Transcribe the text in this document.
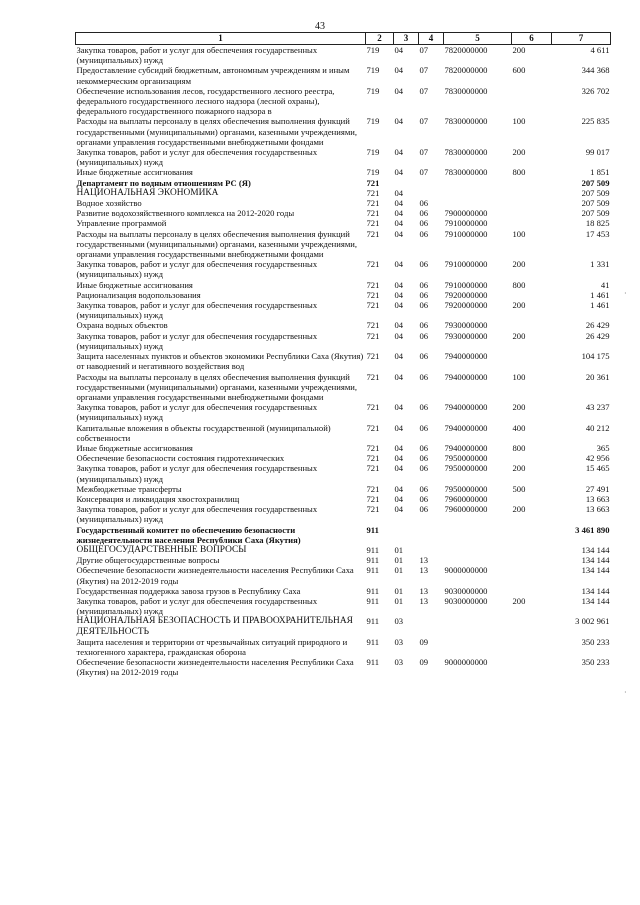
43
1	2	3	4	5	6	7
Закупка товаров, работ и услуг для обеспечения государственных (муниципальных) нужд	719	04	07	7820000000	200	4 611
Предоставление субсидий бюджетным, автономным учреждениям и иным некоммерческим организациям	719	04	07	7820000000	600	344 368
Обеспечение использования лесов, государственного лесного реестра, федерального государственного лесного надзора (лесной охраны), федерального государственного пожарного надзора в	719	04	07	7830000000		326 702
Расходы на выплаты персоналу в целях обеспечения выполнения функций государственными (муниципальными) органами, казенными учреждениями, органами управления государственными внебюджетными фондами	719	04	07	7830000000	100	225 835
Закупка товаров, работ и услуг для обеспечения государственных (муниципальных) нужд	719	04	07	7830000000	200	99 017
Иные бюджетные ассигнования	719	04	07	7830000000	800	1 851
Департамент по водным отношениям РС (Я)	721					207 509
НАЦИОНАЛЬНАЯ ЭКОНОМИКА	721	04				207 509
Водное хозяйство	721	04	06			207 509
Развитие водохозяйственного комплекса на 2012-2020 годы	721	04	06	7900000000		207 509
Управление программой	721	04	06	7910000000		18 825
Расходы на выплаты персоналу в целях обеспечения выполнения функций государственными (муниципальными) органами, казенными учреждениями, органами управления государственными внебюджетными фондами	721	04	06	7910000000	100	17 453
Закупка товаров, работ и услуг для обеспечения государственных (муниципальных) нужд	721	04	06	7910000000	200	1 331
Иные бюджетные ассигнования	721	04	06	7910000000	800	41
Рационализация водопользования	721	04	06	7920000000		1 461
Закупка товаров, работ и услуг для обеспечения государственных (муниципальных) нужд	721	04	06	7920000000	200	1 461
Охрана водных объектов	721	04	06	7930000000		26 429
Закупка товаров, работ и услуг для обеспечения государственных (муниципальных) нужд	721	04	06	7930000000	200	26 429
Защита населенных пунктов и объектов экономики Республики Саха (Якутия) от наводнений и негативного воздействия вод	721	04	06	7940000000		104 175
Расходы на выплаты персоналу в целях обеспечения выполнения функций государственными (муниципальными) органами, казенными учреждениями, органами управления государственными внебюджетными фондами	721	04	06	7940000000	100	20 361
Закупка товаров, работ и услуг для обеспечения государственных (муниципальных) нужд	721	04	06	7940000000	200	43 237
Капитальные вложения в объекты государственной (муниципальной) собственности	721	04	06	7940000000	400	40 212
Иные бюджетные ассигнования	721	04	06	7940000000	800	365
Обеспечение безопасности состояния гидротехнических	721	04	06	7950000000		42 956
Закупка товаров, работ и услуг для обеспечения государственных (муниципальных) нужд	721	04	06	7950000000	200	15 465
Межбюджетные трансферты	721	04	06	7950000000	500	27 491
Консервация и ликвидация хвостохранилищ	721	04	06	7960000000		13 663
Закупка товаров, работ и услуг для обеспечения государственных (муниципальных) нужд	721	04	06	7960000000	200	13 663
Государственный комитет по обеспечению безопасности жизнедеятельности населения Республики Саха (Якутия)	911					3 461 890
ОБЩЕГОСУДАРСТВЕННЫЕ ВОПРОСЫ	911	01				134 144
Другие общегосударственные вопросы	911	01	13			134 144
Обеспечение безопасности жизнедеятельности населения Республики Саха (Якутия) на 2012-2019 годы	911	01	13	9000000000		134 144
Государственная поддержка завоза грузов в Республику Саха	911	01	13	9030000000		134 144
Закупка товаров, работ и услуг для обеспечения государственных (муниципальных) нужд	911	01	13	9030000000	200	134 144
НАЦИОНАЛЬНАЯ БЕЗОПАСНОСТЬ И ПРАВООХРАНИТЕЛЬНАЯ ДЕЯТЕЛЬНОСТЬ	911	03				3 002 961
Защита населения и территории от чрезвычайных ситуаций природного и техногенного характера, гражданская оборона	911	03	09			350 233
Обеспечение безопасности жизнедеятельности населения Республики Саха (Якутия) на 2012-2019 годы	911	03	09	9000000000		350 233
·
·
